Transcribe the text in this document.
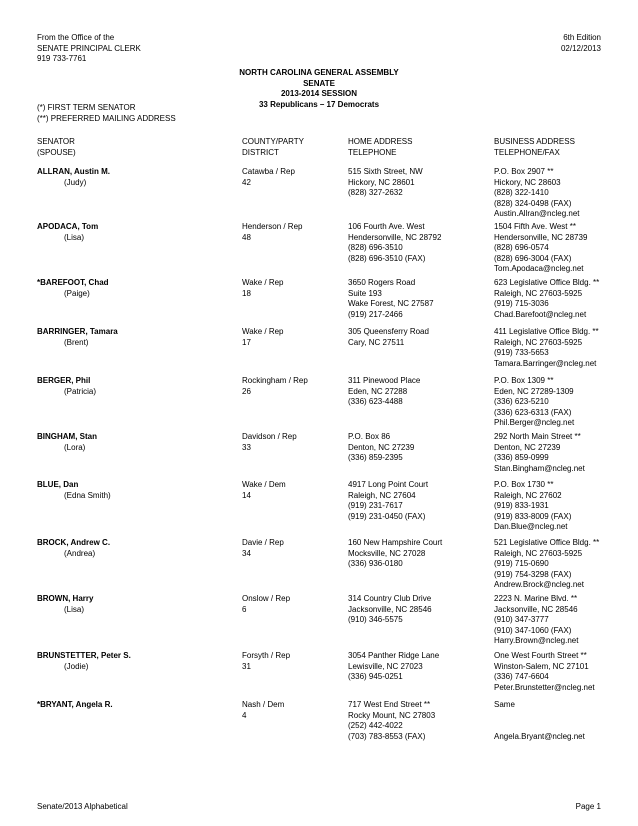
From the Office of the
SENATE PRINCIPAL CLERK
919 733-7761
6th Edition
02/12/2013
NORTH CAROLINA GENERAL ASSEMBLY
SENATE
2013-2014 SESSION
33 Republicans – 17 Democrats
(*) FIRST TERM SENATOR
(**) PREFERRED MAILING ADDRESS
SENATOR
(SPOUSE)
COUNTY/PARTY
DISTRICT
HOME ADDRESS
TELEPHONE
BUSINESS ADDRESS
TELEPHONE/FAX
ALLRAN, Austin M.
(Judy)
Catawba / Rep
42
515 Sixth Street, NW
Hickory, NC 28601
(828) 327-2632
P.O. Box 2907 **
Hickory, NC 28603
(828) 322-1410
(828) 324-0498 (FAX)
Austin.Allran@ncleg.net
APODACA, Tom
(Lisa)
Henderson / Rep
48
106 Fourth Ave. West
Hendersonville, NC 28792
(828) 696-3510
(828) 696-3510 (FAX)
1504 Fifth Ave. West **
Hendersonville, NC 28739
(828) 696-0574
(828) 696-3004 (FAX)
Tom.Apodaca@ncleg.net
*BAREFOOT, Chad
(Paige)
Wake / Rep
18
3650 Rogers Road
Suite 193
Wake Forest, NC 27587
(919) 217-2466
623 Legislative Office Bldg. **
Raleigh, NC 27603-5925
(919) 715-3036
Chad.Barefoot@ncleg.net
BARRINGER, Tamara
(Brent)
Wake / Rep
17
305 Queensferry Road
Cary, NC 27511
411 Legislative Office Bldg. **
Raleigh, NC 27603-5925
(919) 733-5653
Tamara.Barringer@ncleg.net
BERGER, Phil
(Patricia)
Rockingham / Rep
26
311 Pinewood Place
Eden, NC 27288
(336) 623-4488
P.O. Box 1309 **
Eden, NC 27289-1309
(336) 623-5210
(336) 623-6313 (FAX)
Phil.Berger@ncleg.net
BINGHAM, Stan
(Lora)
Davidson / Rep
33
P.O. Box 86
Denton, NC 27239
(336) 859-2395
292 North Main Street **
Denton, NC 27239
(336) 859-0999
Stan.Bingham@ncleg.net
BLUE, Dan
(Edna Smith)
Wake / Dem
14
4917 Long Point Court
Raleigh, NC 27604
(919) 231-7617
(919) 231-0450 (FAX)
P.O. Box 1730 **
Raleigh, NC 27602
(919) 833-1931
(919) 833-8009 (FAX)
Dan.Blue@ncleg.net
BROCK, Andrew C.
(Andrea)
Davie / Rep
34
160 New Hampshire Court
Mocksville, NC 27028
(336) 936-0180
521 Legislative Office Bldg. **
Raleigh, NC 27603-5925
(919) 715-0690
(919) 754-3298 (FAX)
Andrew.Brock@ncleg.net
BROWN, Harry
(Lisa)
Onslow / Rep
6
314 Country Club Drive
Jacksonville, NC 28546
(910) 346-5575
2223 N. Marine Blvd. **
Jacksonville, NC 28546
(910) 347-3777
(910) 347-1060 (FAX)
Harry.Brown@ncleg.net
BRUNSTETTER, Peter S.
(Jodie)
Forsyth / Rep
31
3054 Panther Ridge Lane
Lewisville, NC 27023
(336) 945-0251
One West Fourth Street **
Winston-Salem, NC 27101
(336) 747-6604
Peter.Brunstetter@ncleg.net
*BRYANT, Angela R.	Nash / Dem
4
717 West End Street **
Rocky Mount, NC 27803
(252) 442-4022
(703) 783-8553 (FAX)
Same
Angela.Bryant@ncleg.net
Senate/2013 Alphabetical	Page 1
